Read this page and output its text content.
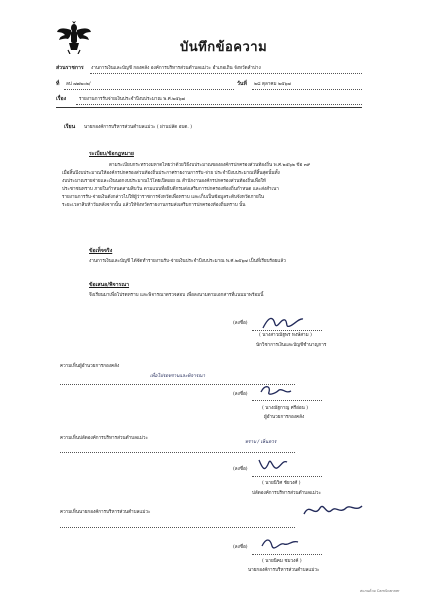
บันทึกข้อความ
ส่วนราชการ งานการเงินและบัญชี กองคลัง องค์การบริหารส่วนตำบลแม่วะ อำเภอเถิน จังหวัดลำปาง
ที่ ลป ๗๗๒๐๒/	วันที่ ๒๘ ตุลาคม ๒๕๖๗
เรื่อง	รายงานการรับจ่ายเงินประจำปีงบประมาณ พ.ศ.๒๕๖๗
เรียน นายกองค์การบริหารส่วนตำบลแม่วะ ( ผ่านปลัด อบต. )
ระเบียบ/ข้อกฎหมาย
ตามระเบียบกระทรวงมหาดไทยว่าด้วยวิธีงบประมาณขององค์กรปกครองส่วนท้องถิ่น พ.ศ.๒๕๖๒ ข้อ ๓๙
เมื่อสิ้นปีงบประมาณให้องค์กรปกครองส่วนท้องถิ่นประกาศรายงานการรับ-จ่าย ประจำปีงบประมาณที่สิ้นสุดนั้นทั้ง
งบประมาณรายจ่ายและเงินนอกงบประมาณไว้โดยเปิดเผย ณ สำนักงานองค์กรปกครองส่วนท้องถิ่นเพื่อให้
ประชาชนทราบ ภายในกำหนดสามสิบวัน ตามแบบที่อธิบดีกรมส่งเสริมการปกครองท้องถิ่นกำหนด และส่งสำเนา
รายงานการรับ-จ่ายเงินดังกล่าวไปให้ผู้ว่าราชการจังหวัดเพื่อทราบ และเก็บเป็นข้อมูลระดับจังหวัดภายใน
ระยะเวลาสิบห้าวันหลังจากนั้น แล้วให้จังหวัดรายงานกรมส่งเสริมการปกครองท้องถิ่นทราบ นั้น
ข้อเท็จจริง
งานการเงินและบัญชี ได้จัดทำรายงานรับ-จ่ายเงินประจำปีงบประมาณ พ.ศ.๒๕๖๗ เป็นที่เรียบร้อยแล้ว
ข้อเสนอ/พิจารณา
จึงเรียนมาเพื่อโปรดทราบ และพิจารณาตรวจสอบ เพื่อลงนามตามเอกสารที่แนบมาพร้อมนี้
(ลงชื่อ)
( นางสาวณัฐพร หงษ์สาม )
นักวิชาการเงินและบัญชีชำนาญการ
ความเห็นผู้อำนวยการกองคลัง
เพื่อโปรดทราบและพิจารณา
(ลงชื่อ)
( นางณัฐกาญ ศรีอ่อน )
ผู้อำนวยการกองคลัง
ความเห็นปลัดองค์การบริหารส่วนตำบลแม่วะ
ทราบ / เห็นควร
(ลงชื่อ)
( นายนิวิศ ชัยวงศ์ )
ปลัดองค์การบริหารส่วนตำบลแม่วะ
ความเห็นนายกองค์การบริหารส่วนตำบลแม่วะ
(ลงชื่อ)
( นายนิคม ชมวงค์ )
นายกองค์การบริหารส่วนตำบลแม่วะ
สแกนด้วย CamScanner
